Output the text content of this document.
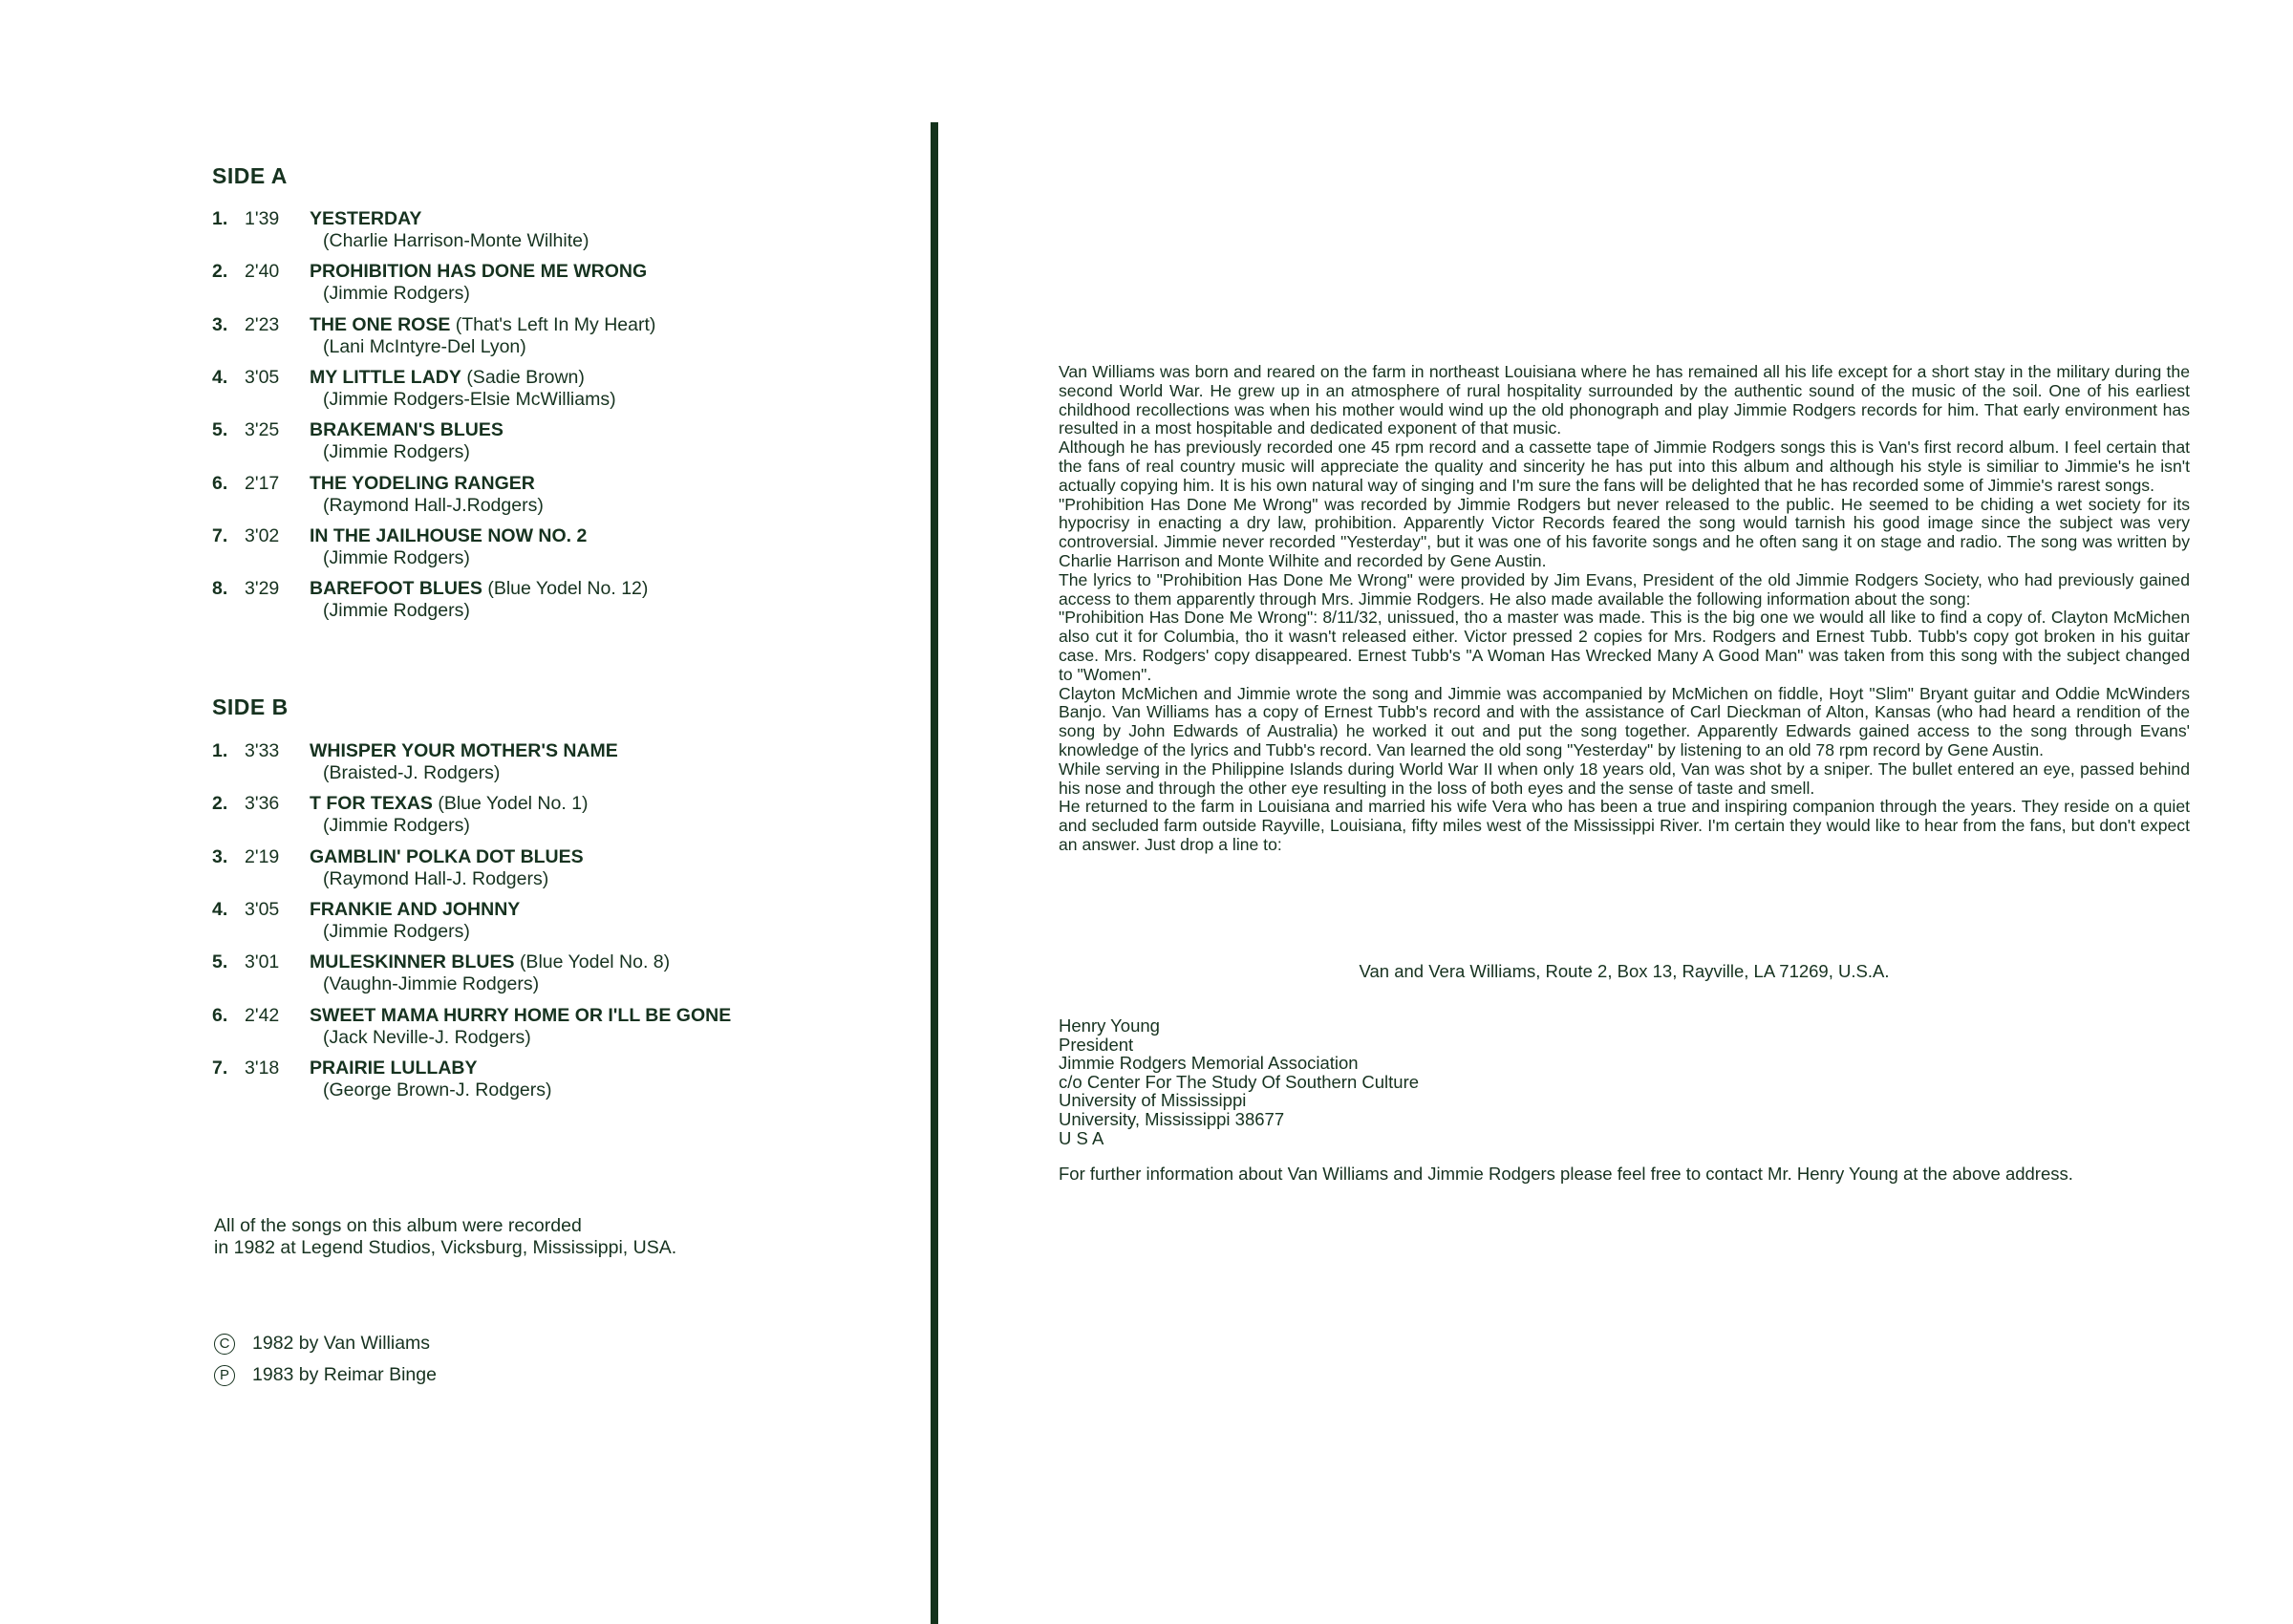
SIDE A
1. 1'39 YESTERDAY
(Charlie Harrison-Monte Wilhite)
2. 2'40 PROHIBITION HAS DONE ME WRONG
(Jimmie Rodgers)
3. 2'23 THE ONE ROSE (That's Left In My Heart)
(Lani McIntyre-Del Lyon)
4. 3'05 MY LITTLE LADY (Sadie Brown)
(Jimmie Rodgers-Elsie McWilliams)
5. 3'25 BRAKEMAN'S BLUES
(Jimmie Rodgers)
6. 2'17 THE YODELING RANGER
(Raymond Hall-J.Rodgers)
7. 3'02 IN THE JAILHOUSE NOW NO. 2
(Jimmie Rodgers)
8. 3'29 BAREFOOT BLUES (Blue Yodel No. 12)
(Jimmie Rodgers)
SIDE B
1. 3'33 WHISPER YOUR MOTHER'S NAME
(Braisted-J. Rodgers)
2. 3'36 T FOR TEXAS (Blue Yodel No. 1)
(Jimmie Rodgers)
3. 2'19 GAMBLIN' POLKA DOT BLUES
(Raymond Hall-J. Rodgers)
4. 3'05 FRANKIE AND JOHNNY
(Jimmie Rodgers)
5. 3'01 MULESKINNER BLUES (Blue Yodel No. 8)
(Vaughn-Jimmie Rodgers)
6. 2'42 SWEET MAMA HURRY HOME OR I'LL BE GONE
(Jack Neville-J. Rodgers)
7. 3'18 PRAIRIE LULLABY
(George Brown-J. Rodgers)
All of the songs on this album were recorded
in 1982 at Legend Studios, Vicksburg, Mississippi, USA.
C 1982 by Van Williams
P	1983 by Reimar Binge

Van Williams was born and reared on the farm in northeast Louisiana where he has remained all his life except for a short stay in the military during the second World War. He grew up in an atmosphere of rural hospitality surrounded by the authentic sound of the music of the soil. One of his earliest childhood recollections was when his mother would wind up the old phonograph and play Jimmie Rodgers records for him. That early environment has resulted in a most hospitable and dedicated exponent of that music.

Although he has previously recorded one 45 rpm record and a cassette tape of Jimmie Rodgers songs this is Van's first record album. I feel certain that the fans of real country music will appreciate the quality and sincerity he has put into this album and although his style is similiar to Jimmie's he isn't actually copying him. It is his own natural way of singing and I'm sure the fans will be delighted that he has recorded some of Jimmie's rarest songs.

"Prohibition Has Done Me Wrong" was recorded by Jimmie Rodgers but never released to the public. He seemed to be chiding a wet society for its hypocrisy in enacting a dry law, prohibition. Apparently Victor Records feared the song would tarnish his good image since the subject was very controversial. Jimmie never recorded "Yesterday", but it was one of his favorite songs and he often sang it on stage and radio. The song was written by Charlie Harrison and Monte Wilhite and recorded by Gene Austin.

The lyrics to "Prohibition Has Done Me Wrong" were provided by Jim Evans, President of the old Jimmie Rodgers Society, who had previously gained access to them apparently through Mrs. Jimmie Rodgers. He also made available the following information about the song:

"Prohibition Has Done Me Wrong": 8/11/32, unissued, tho a master was made. This is the big one we would all like to find a copy of. Clayton McMichen also cut it for Columbia, tho it wasn't released either. Victor pressed 2 copies for Mrs. Rodgers and Ernest Tubb. Tubb's copy got broken in his guitar case. Mrs. Rodgers' copy disappeared. Ernest Tubb's "A Woman Has Wrecked Many A Good Man" was taken from this song with the subject changed to "Women".

Clayton McMichen and Jimmie wrote the song and Jimmie was accompanied by McMichen on fiddle, Hoyt "Slim" Bryant guitar and Oddie McWinders Banjo. Van Williams has a copy of Ernest Tubb's record and with the assistance of Carl Dieckman of Alton, Kansas (who had heard a rendition of the song by John Edwards of Australia) he worked it out and put the song together. Apparently Edwards gained access to the song through Evans' knowledge of the lyrics and Tubb's record. Van learned the old song "Yesterday" by listening to an old 78 rpm record by Gene Austin.

While serving in the Philippine Islands during World War II when only 18 years old, Van was shot by a sniper. The bullet entered an eye, passed behind his nose and through the other eye resulting in the loss of both eyes and the sense of taste and smell.

He returned to the farm in Louisiana and married his wife Vera who has been a true and inspiring companion through the years. They reside on a quiet and secluded farm outside Rayville, Louisiana, fifty miles west of the Mississippi River. I'm certain they would like to hear from the fans, but don't expect an answer. Just drop a line to:

Van and Vera Williams, Route 2, Box 13, Rayville, LA 71269, U.S.A.
Henry Young
President
Jimmie Rodgers Memorial Association
c/o Center For The Study Of Southern Culture
University of Mississippi
University, Mississippi 38677
U S A
For further information about Van Williams and Jimmie Rodgers please feel free to contact Mr. Henry Young at the above address.
